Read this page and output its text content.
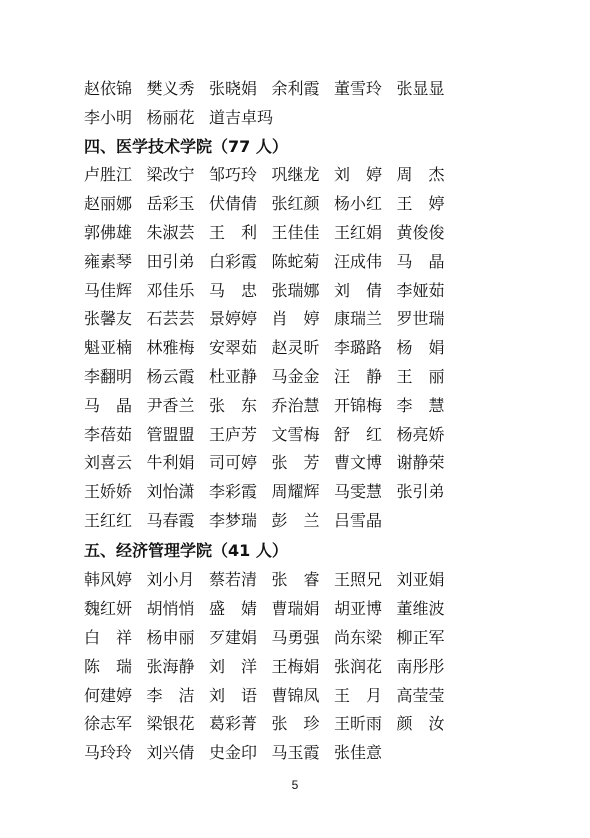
赵依锦 樊义秀 张晓娟 余利霞 董雪玲 张显显
李小明 杨丽花 道吉卓玛
四、医学技术学院（77 人）
卢胜江 梁改宁 邹巧玲 巩继龙 刘　婷 周　杰
赵丽娜 岳彩玉 伏倩倩 张红颜 杨小红 王　婷
郭佛雄 朱淑芸 王　利 王佳佳 王红娟 黄俊俊
雍素琴 田引弟 白彩霞 陈蛇菊 汪成伟 马　晶
马佳辉 邓佳乐 马　忠 张瑞娜 刘　倩 李娅茹
张馨友 石芸芸 景婷婷 肖　婷 康瑞兰 罗世瑞
魁亚楠 林雅梅 安翠茹 赵灵昕 李璐路 杨　娟
李翻明 杨云霞 杜亚静 马金金 汪　静 王　丽
马　晶 尹香兰 张　东 乔治慧 开锦梅 李　慧
李蓓茹 管盟盟 王庐芳 文雪梅 舒　红 杨亮娇
刘喜云 牛利娟 司可婷 张　芳 曹文博 谢静荣
王娇娇 刘怡潇 李彩霞 周耀辉 马雯慧 张引弟
王红红 马春霞 李梦瑞 彭　兰 吕雪晶
五、经济管理学院（41 人）
韩风婷 刘小月 蔡若清 张　睿 王照兄 刘亚娟
魏红妍 胡悄悄 盛　婧 曹瑞娟 胡亚博 董维波
白　祥 杨申丽 歹建娟 马勇强 尚东梁 柳正军
陈　瑞 张海静 刘　洋 王梅娟 张润花 南彤彤
何建婷 李　洁 刘　语 曹锦凤 王　月 高莹莹
徐志军 梁银花 葛彩菁 张　珍 王昕雨 颜　汝
马玲玲 刘兴倩 史金印 马玉霞 张佳意
5
